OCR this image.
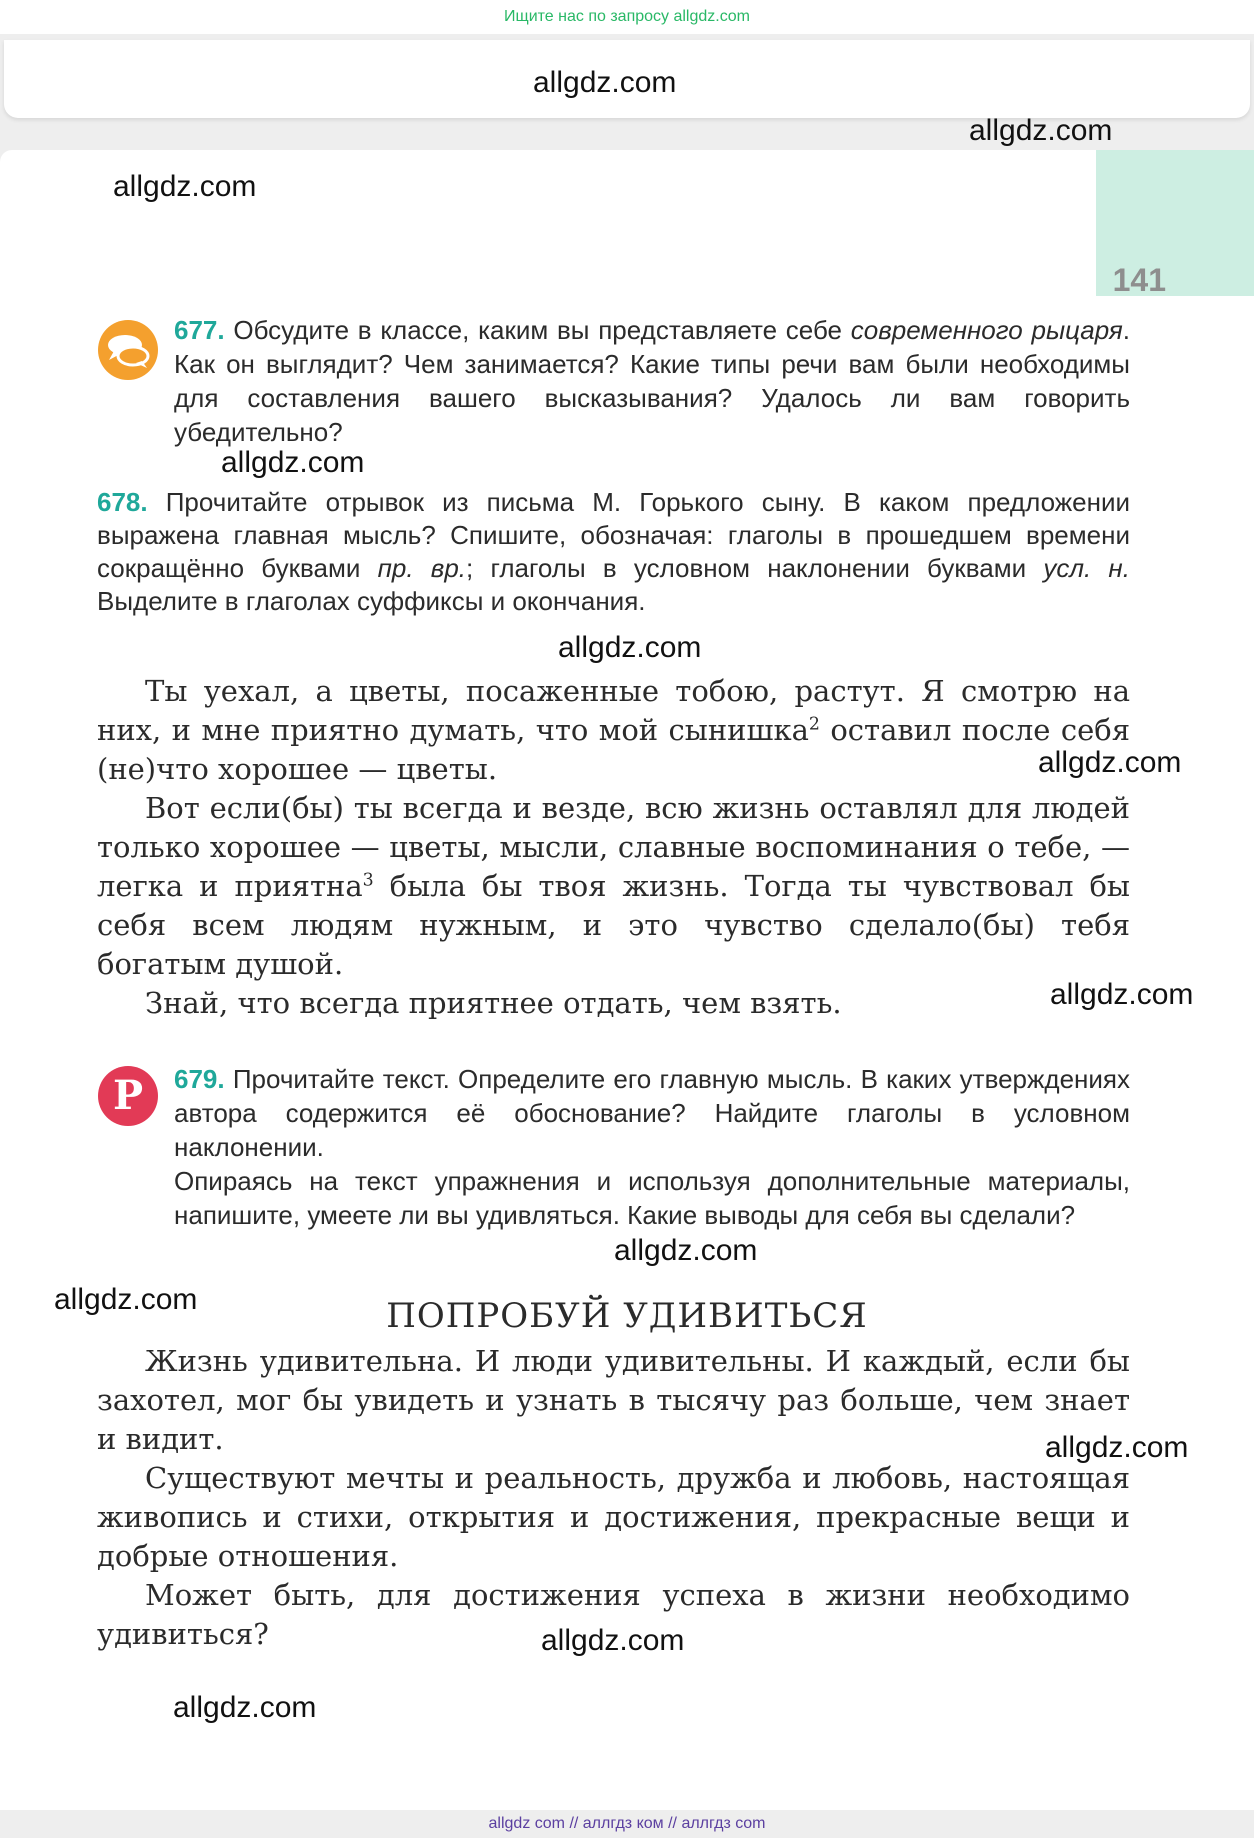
Ищите нас по запросу allgdz.com
141
allgdz.com
allgdz.com
allgdz.com
allgdz.com
allgdz.com
allgdz.com
allgdz.com
allgdz.com
allgdz.com
allgdz.com
allgdz.com
allgdz.com

677. Обсудите в классе, каким вы представляете себе современного рыцаря. Как он выглядит? Чем занимается? Какие типы речи вам были необходимы для составления вашего высказывания? Удалось ли вам говорить убедительно?

678. Прочитайте отрывок из письма М. Горького сыну. В каком предложении выражена главная мысль? Спишите, обозначая: глаголы в прошедшем времени сокращённо буквами пр. вр.; глаголы в условном наклонении буквами усл. н. Выделите в глаголах суффиксы и окончания.

Ты уехал, а цветы, посаженные тобою, растут. Я смотрю на них, и мне приятно думать, что мой сынишка$^2$ оставил после себя (не)что хорошее — цветы.

Вот если(бы) ты всегда и везде, всю жизнь оставлял для людей только хорошее — цветы, мысли, славные воспоминания о тебе, — легка и приятна$^3$ была бы твоя жизнь. Тогда ты чувствовал бы себя всем людям нужным, и это чувство сделало(бы) тебя богатым душой.

Знай, что всегда приятнее отдать, чем взять.

Р	679. Прочитайте текст. Определите его главную мысль. В каких утверждениях автора содержится её обоснование? Найдите глаголы в условном наклонении.
Опираясь на текст упражнения и используя дополнительные материалы, напишите, умеете ли вы удивляться. Какие выводы для себя вы сделали?
ПОПРОБУЙ УДИВИТЬСЯ

Жизнь удивительна. И люди удивительны. И каждый, если бы захотел, мог бы увидеть и узнать в тысячу раз больше, чем знает и видит.

Существуют мечты и реальность, дружба и любовь, настоящая живопись и стихи, открытия и достижения, прекрасные вещи и добрые отношения.

Может быть, для достижения успеха в жизни необходимо удивиться?

allgdz com // аллгдз ком // аллгдз com
